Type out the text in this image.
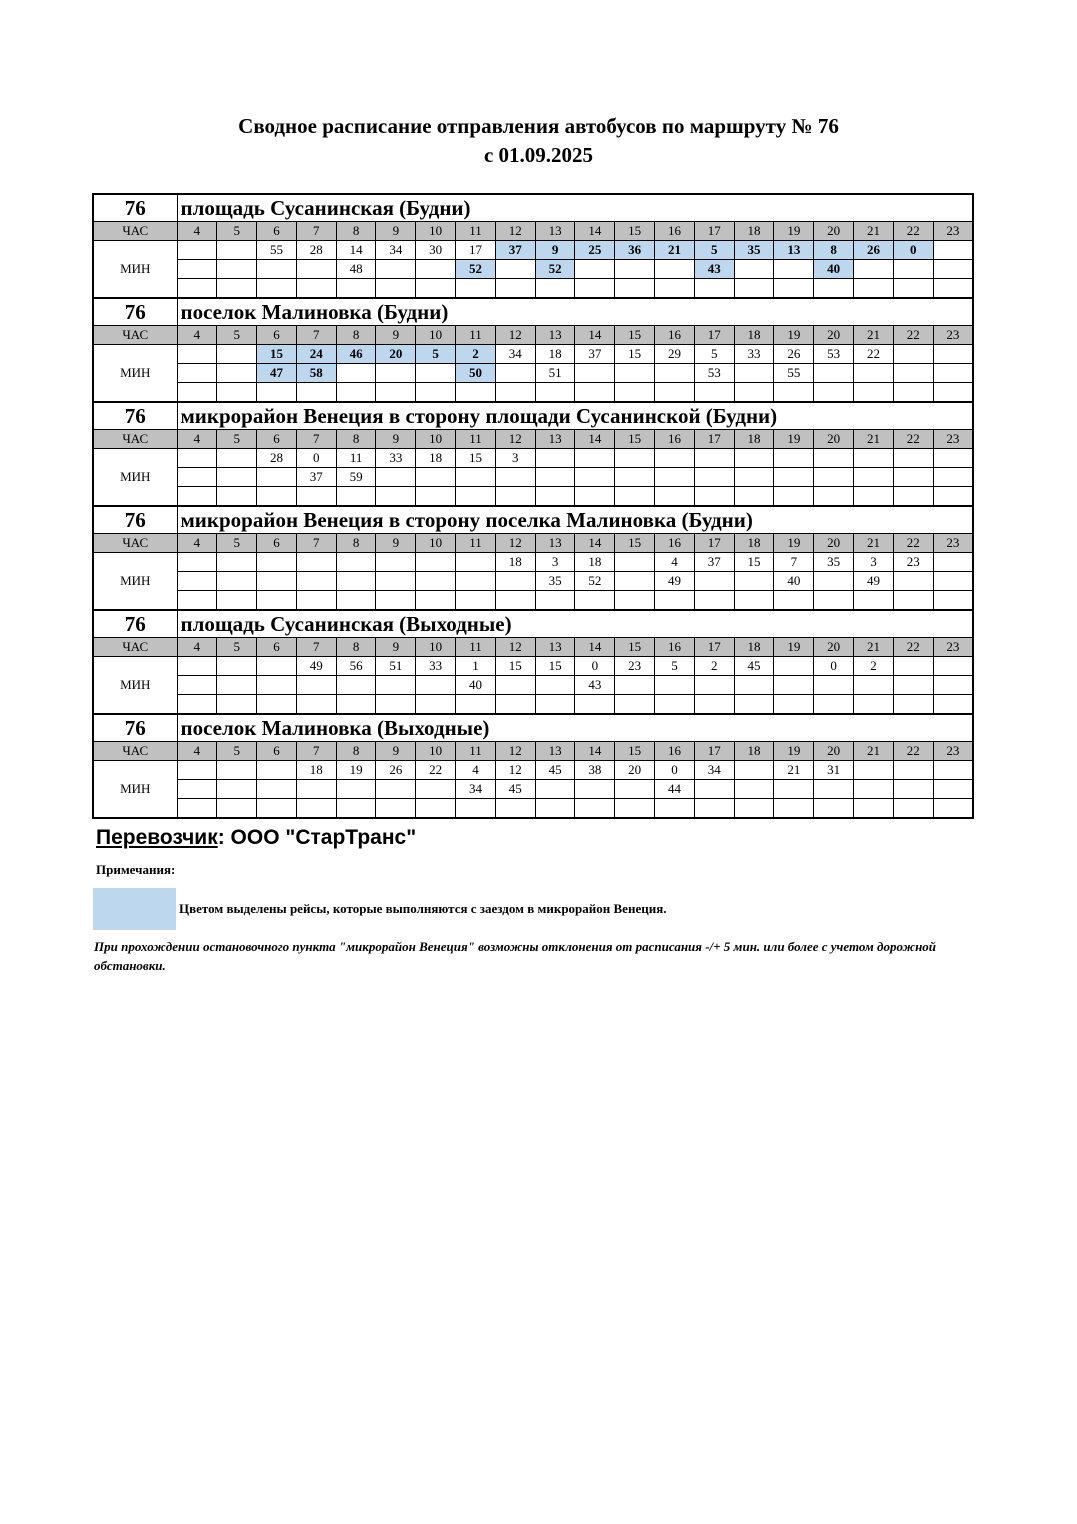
Сводное расписание отправления автобусов по маршруту № 76
с 01.09.2025
76	площадь Сусанинская (Будни)																			
ЧАС	4	5	6	7	8	9	10	11	12	13	14	15	16	17	18	19	20	21	22	23
МИН			55	28	14	34	30	17	37	9	25	36	21	5	35	13	8	26	0	
					48			52		52				43			40			

76	поселок Малиновка (Будни)																			
ЧАС	4	5	6	7	8	9	10	11	12	13	14	15	16	17	18	19	20	21	22	23
МИН			15	24	46	20	5	2	34	18	37	15	29	5	33	26	53	22		
			47	58				50		51				53		55				

76	микрорайон Венеция в сторону площади Сусанинской (Будни)																			
ЧАС	4	5	6	7	8	9	10	11	12	13	14	15	16	17	18	19	20	21	22	23
МИН			28	0	11	33	18	15	3											
				37	59															

76	микрорайон Венеция в сторону поселка Малиновка (Будни)																			
ЧАС	4	5	6	7	8	9	10	11	12	13	14	15	16	17	18	19	20	21	22	23
МИН									18	3	18		4	37	15	7	35	3	23	
										35	52		49			40		49		

76	площадь Сусанинская (Выходные)																			
ЧАС	4	5	6	7	8	9	10	11	12	13	14	15	16	17	18	19	20	21	22	23
МИН				49	56	51	33	1	15	15	0	23	5	2	45		0	2		
								40			43									

76	поселок Малиновка (Выходные)																			
ЧАС	4	5	6	7	8	9	10	11	12	13	14	15	16	17	18	19	20	21	22	23
МИН				18	19	26	22	4	12	45	38	20	0	34		21	31			
								34	45				44							

Перевозчик: ООО "СтарТранс"
Примечания:
Цветом выделены рейсы, которые выполняются с заездом в микрорайон Венеция.
При прохождении остановочного пункта "микрорайон Венеция" возможны отклонения от расписания -/+ 5 мин. или более с учетом дорожной обстановки.
